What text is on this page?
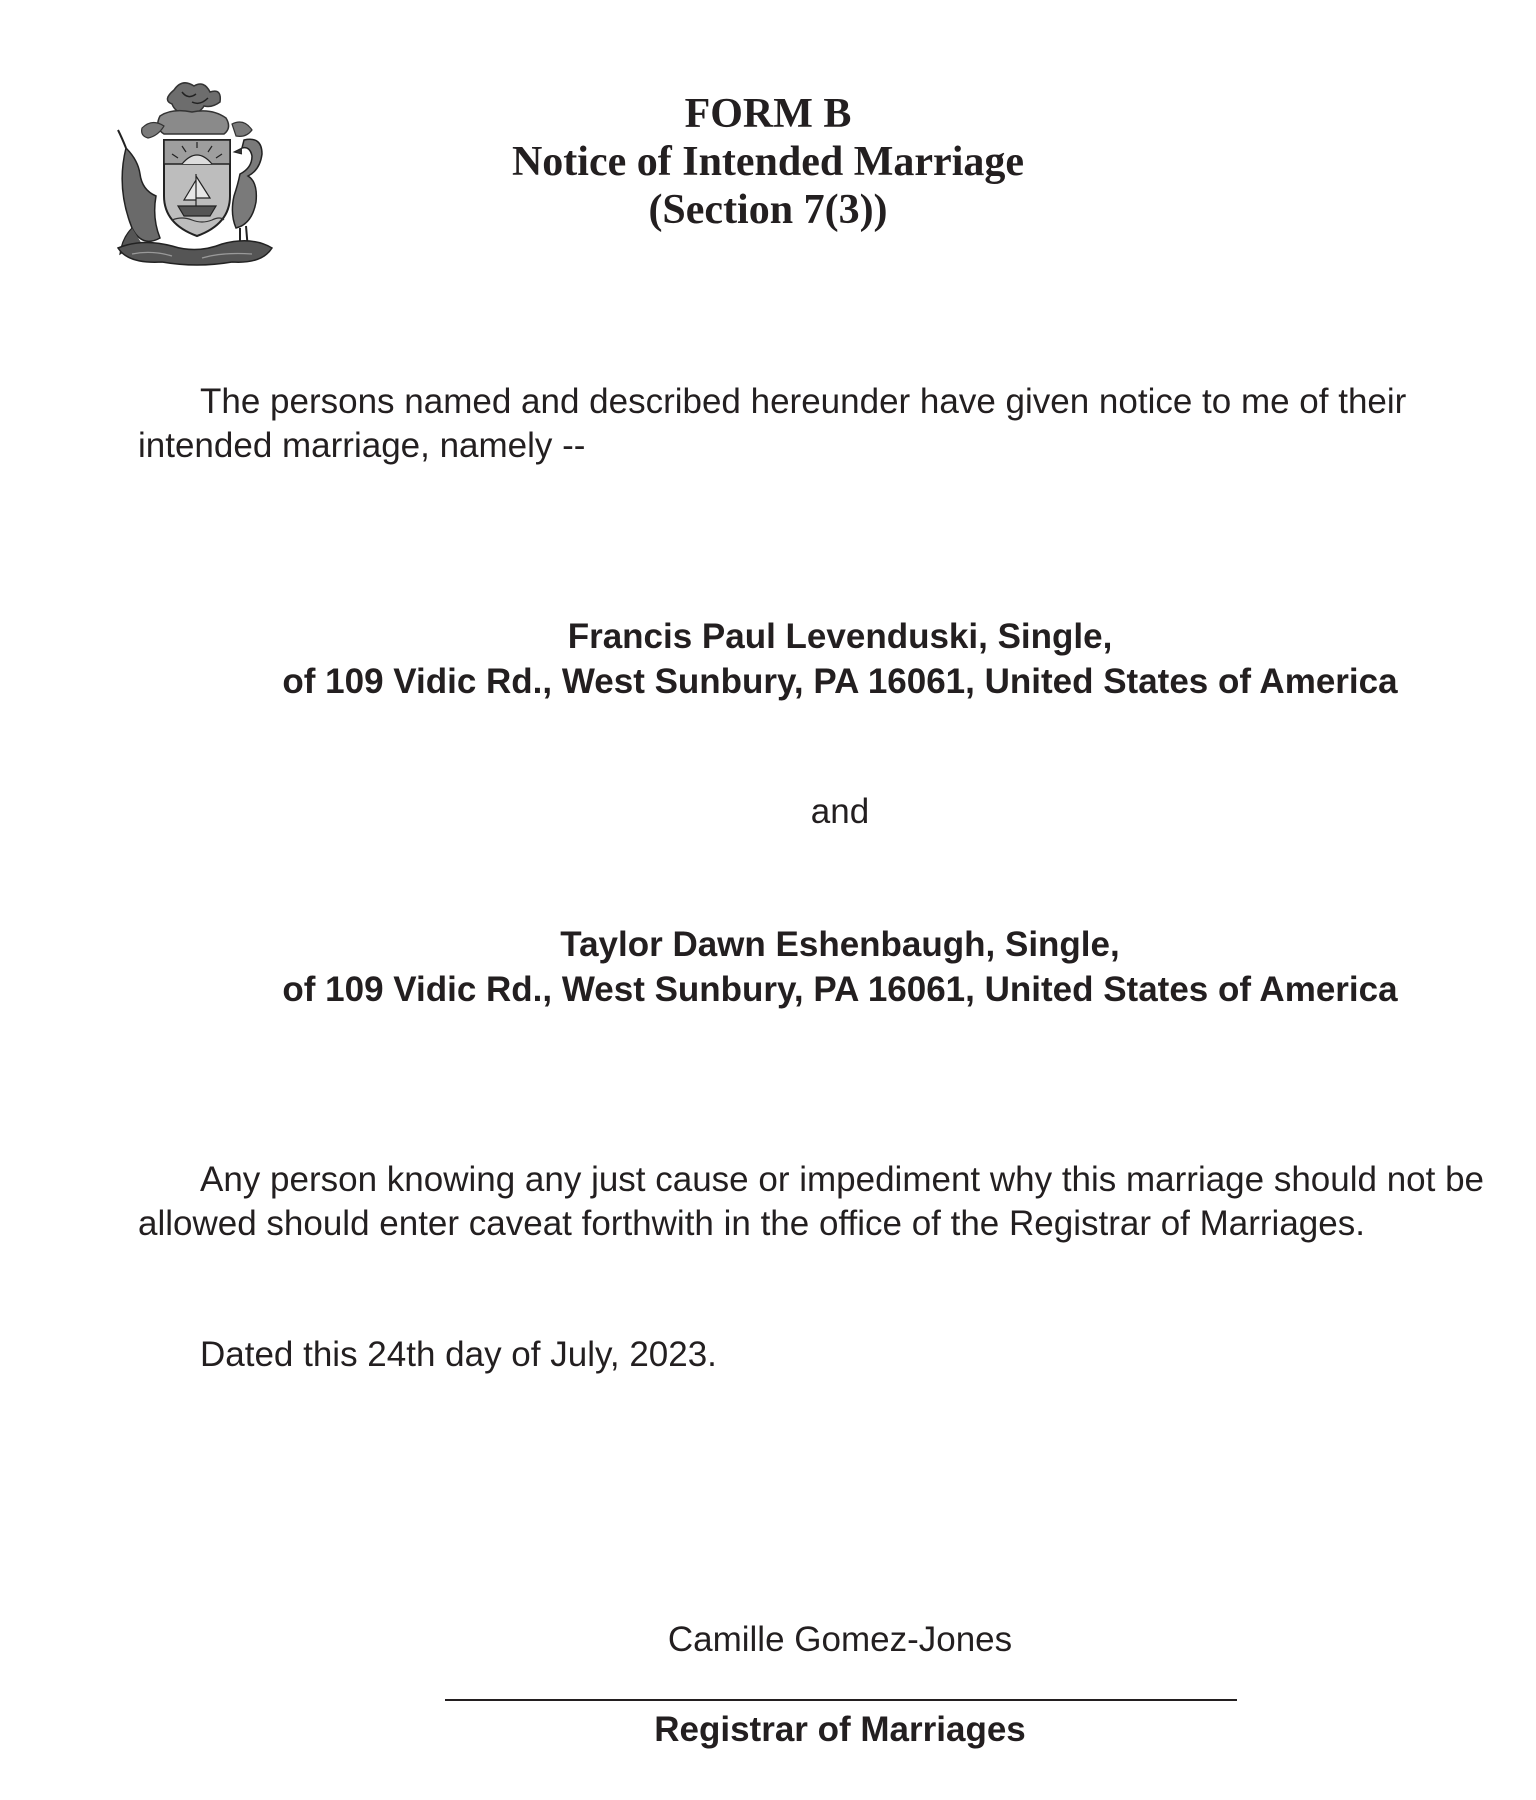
FORM B
Notice of Intended Marriage
(Section 7(3))
The persons named and described hereunder have given notice to me of their intended marriage, namely --
Francis Paul Levenduski, Single,
of 109 Vidic Rd., West Sunbury, PA 16061, United States of America
and
Taylor Dawn Eshenbaugh, Single,
of 109 Vidic Rd., West Sunbury, PA 16061, United States of America
Any person knowing any just cause or impediment why this marriage should not be allowed should enter caveat forthwith in the office of the Registrar of Marriages.
Dated this 24th day of July, 2023.
Camille Gomez-Jones
Registrar of Marriages
